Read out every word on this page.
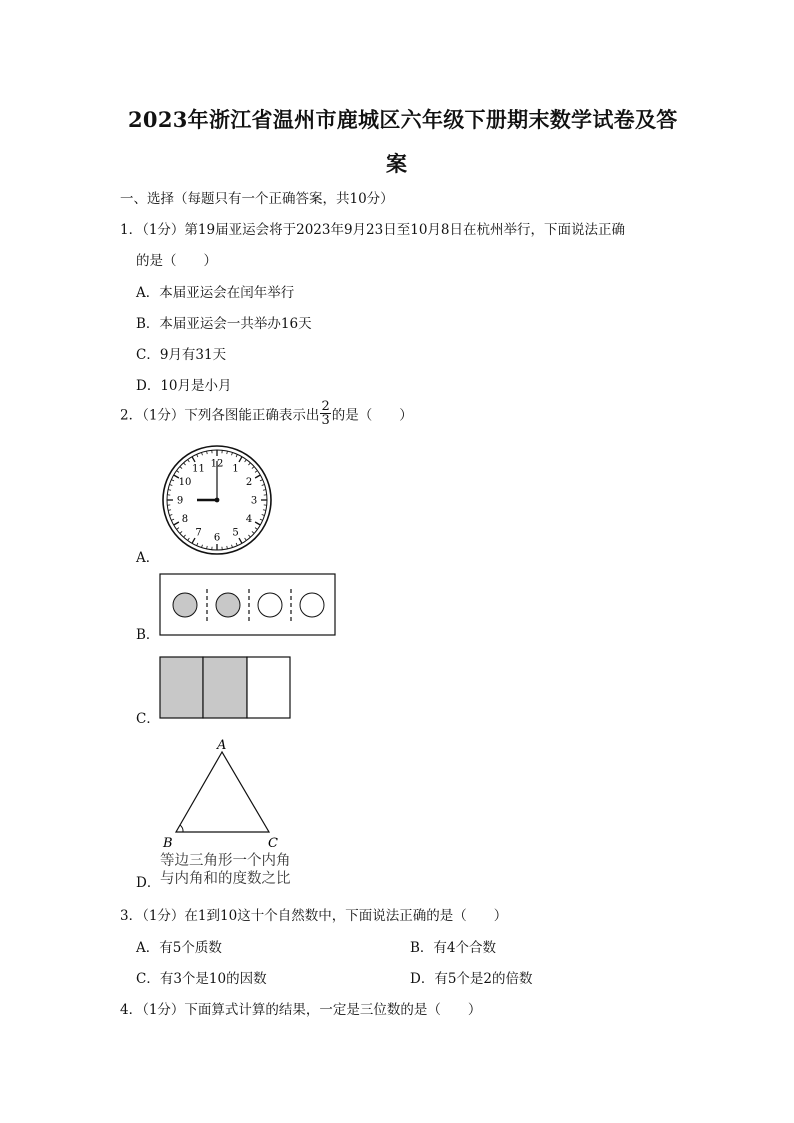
2023年浙江省温州市鹿城区六年级下册期末数学试卷及答
案
一、选择（每题只有一个正确答案，共10分）
1．（1分）第19届亚运会将于2023年9月23日至10月8日在杭州举行，下面说法正确
的是（　　）
A．本届亚运会在闰年举行
B．本届亚运会一共举办16天
C．9月有31天
D．10月是小月
2．（1分）下列各图能正确表示出 $\frac{2}{3}$ 的是（　　）
12 1
2
3
4
5
6
7
8
9
10
11
A．
B．
C．
A
B	C
等边三角形一个内角
与内角和的度数之比
D．
3．（1分）在1到10这十个自然数中，下面说法正确的是（　　）
A．有5个质数	B．有4个合数
C．有3个是10的因数	D．有5个是2的倍数
4．（1分）下面算式计算的结果，一定是三位数的是（　　）
